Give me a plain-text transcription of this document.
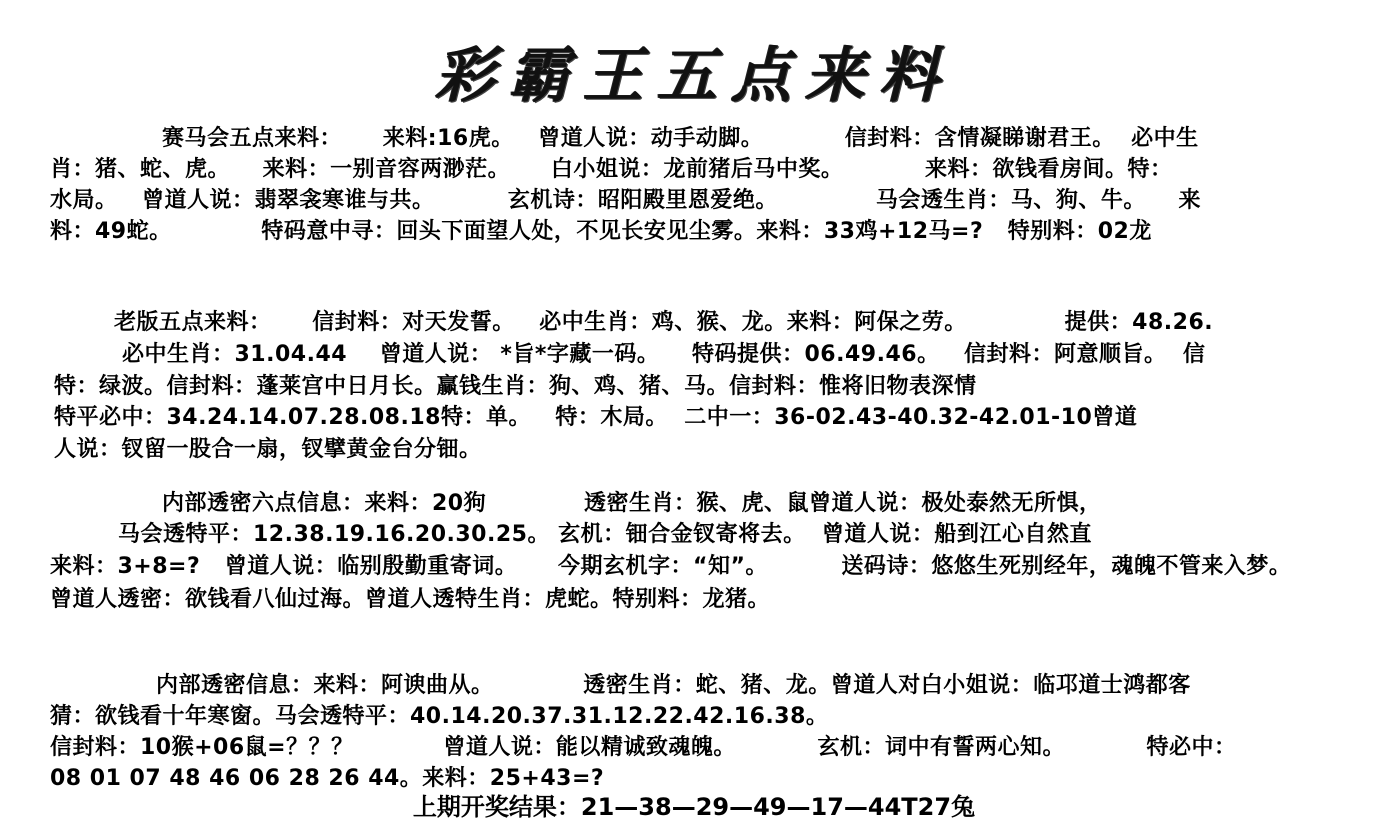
彩霸王五点来料
赛马会五点来料：     来料:16虎。   曾道人说：动手动脚。          信封料：含情凝睇谢君王。  必中生
肖：猪、蛇、虎。    来料：一别音容两渺茫。     白小姐说：龙前猪后马中奖。          来料：欲钱看房间。特：
水局。   曾道人说：翡翠衾寒谁与共。         玄机诗：昭阳殿里恩爱绝。            马会透生肖：马、狗、牛。    来
料：49蛇。           特码意中寻：回头下面望人处，不见长安见尘雾。来料：33鸡+12马=?   特别料：02龙
老版五点来料：     信封料：对天发誓。   必中生肖：鸡、猴、龙。来料：阿保之劳。            提供：48.26.
必中生肖：31.04.44    曾道人说： *旨*字藏一码。    特码提供：06.49.46。   信封料：阿意顺旨。  信
特：绿波。信封料：蓬莱宫中日月长。赢钱生肖：狗、鸡、猪、马。信封料：惟将旧物表深情
特平必中：34.24.14.07.28.08.18特：单。   特：木局。  二中一：36-02.43-40.32-42.01-10曾道
人说：钗留一股合一扇，钗擘黄金台分钿。
内部透密六点信息：来料：20狗            透密生肖：猴、虎、鼠曾道人说：极处泰然无所惧，
马会透特平：12.38.19.16.20.30.25。 玄机：钿合金钗寄将去。  曾道人说：船到江心自然直
来料：3+8=?   曾道人说：临别殷勤重寄词。     今期玄机字：“知”。         送码诗：悠悠生死别经年，魂魄不管来入梦。
曾道人透密：欲钱看八仙过海。曾道人透特生肖：虎蛇。特别料：龙猪。
内部透密信息：来料：阿谀曲从。           透密生肖：蛇、猪、龙。曾道人对白小姐说：临邛道士鸿都客
猜：欲钱看十年寒窗。马会透特平：40.14.20.37.31.12.22.42.16.38。
信封料：10猴+06鼠=？？？           曾道人说：能以精诚致魂魄。          玄机：词中有誓两心知。          特必中：
08 01 07 48 46 06 28 26 44。来料：25+43=?
上期开奖结果：21—38—29—49—17—44T27兔
